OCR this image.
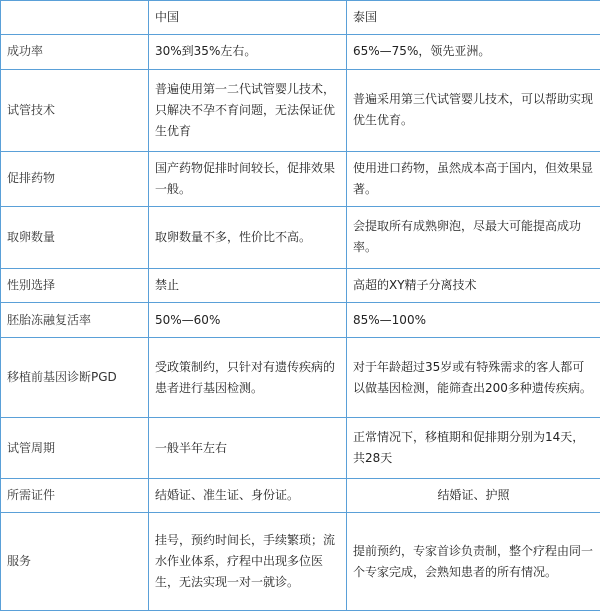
	中国	泰国
成功率	30%到35%左右。	65%—75%，领先亚洲。
试管技术	普遍使用第一二代试管婴儿技术，只解决不孕不育问题，无法保证优生优育	普遍采用第三代试管婴儿技术，可以帮助实现优生优育。
促排药物	国产药物促排时间较长，促排效果一般。	使用进口药物，虽然成本高于国内，但效果显著。
取卵数量	取卵数量不多，性价比不高。	会提取所有成熟卵泡，尽最大可能提高成功率。
性别选择	禁止	高超的XY精子分离技术
胚胎冻融复活率	50%—60%	85%—100%
移植前基因诊断PGD	受政策制约，只针对有遗传疾病的患者进行基因检测。	对于年龄超过35岁或有特殊需求的客人都可以做基因检测，能筛查出200多种遗传疾病。
试管周期	一般半年左右	正常情况下，移植期和促排期分别为14天，共28天
所需证件	结婚证、准生证、身份证。	结婚证、护照
服务	挂号，预约时间长，手续繁琐；流水作业体系，疗程中出现多位医生，无法实现一对一就诊。	提前预约，专家首诊负责制，整个疗程由同一个专家完成，会熟知患者的所有情况。
